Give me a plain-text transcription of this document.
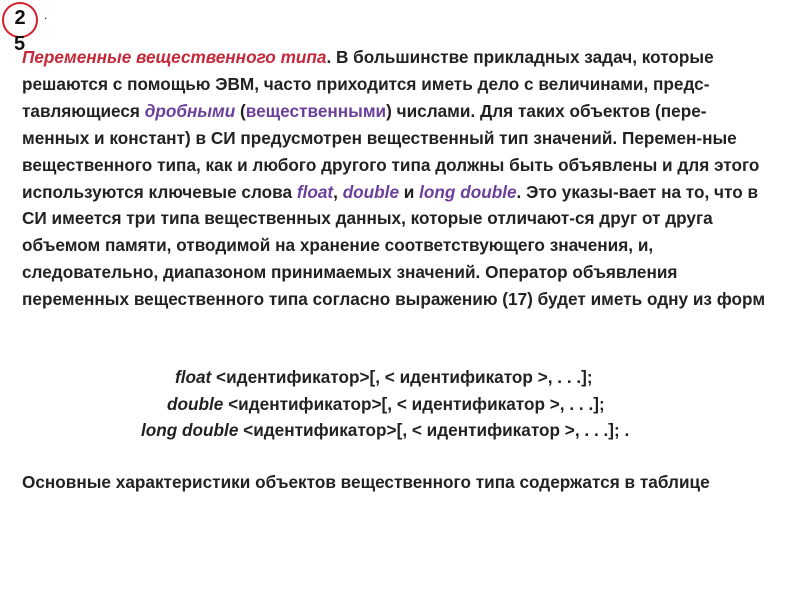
2
5
.
Переменные вещественного типа. В большинстве прикладных задач, которые решаются с помощью ЭВМ, часто приходится иметь дело с величинами, предс-тавляющиеся дробными (вещественными) числами. Для таких объектов (пере-менных и констант) в СИ предусмотрен вещественный тип значений. Перемен-ные вещественного типа, как и любого другого типа должны быть объявлены и для этого используются ключевые слова float, double и long double. Это указы-вает на то, что в СИ имеется три типа вещественных данных, которые отличают-ся друг от друга объемом памяти, отводимой на хранение соответствующего значения, и, следовательно, диапазоном принимаемых значений. Оператор объявления переменных вещественного типа согласно выражению (17) будет иметь одну из форм
float <идентификатор>[, < идентификатор >, . . .];
double <идентификатор>[, < идентификатор >, . . .];
long double <идентификатор>[, < идентификатор >, . . .]; .
Основные характеристики объектов вещественного типа содержатся в таблице
